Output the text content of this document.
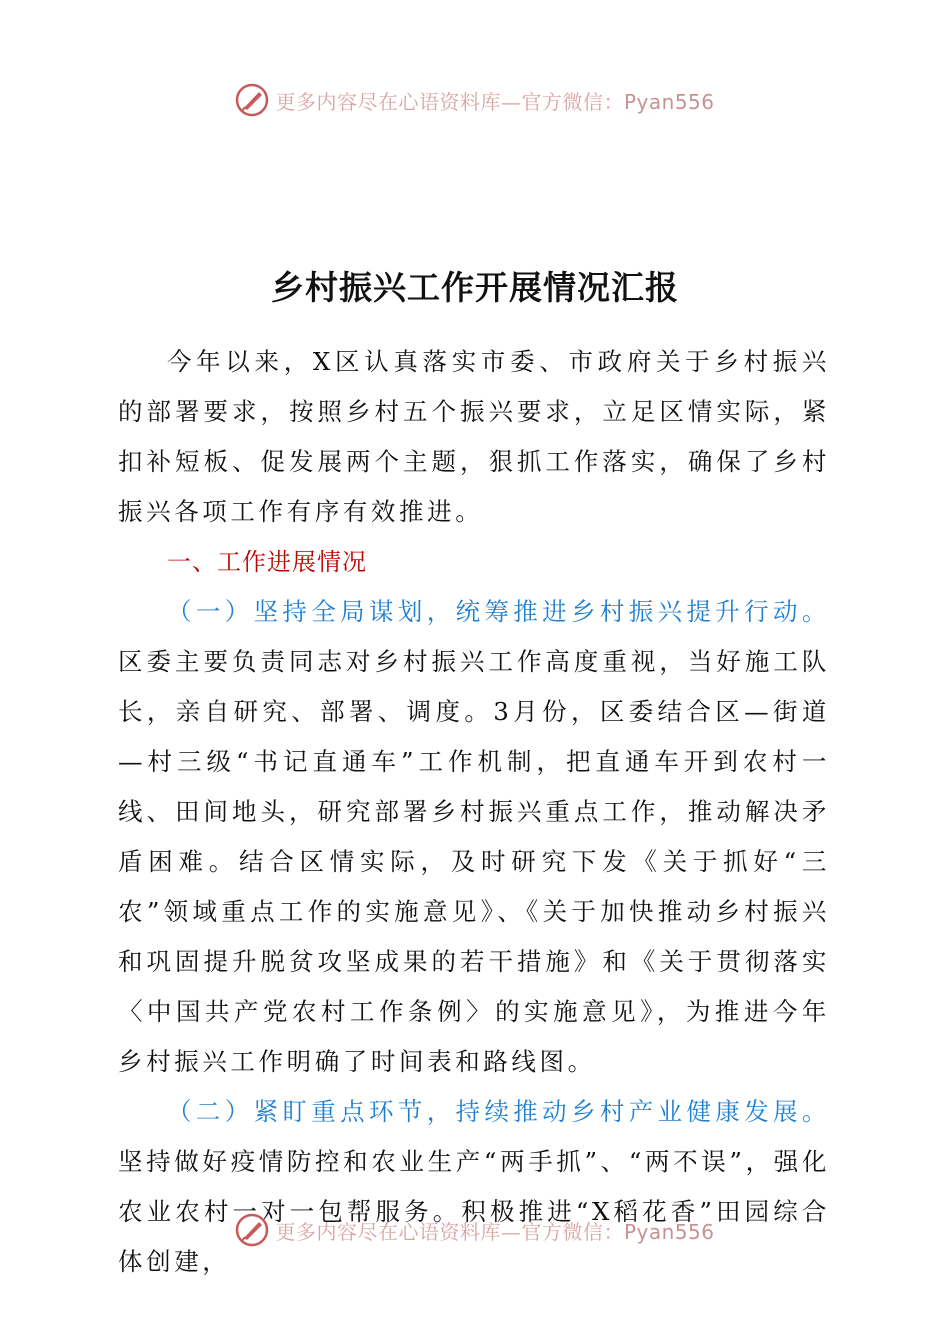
更多内容尽在心语资料库—官方微信：Pyan556
乡村振兴工作开展情况汇报

今年以来，X区认真落实市委、市政府关于乡村振兴的部署要求，按照乡村五个振兴要求，立足区情实际，紧扣补短板、促发展两个主题，狠抓工作落实，确保了乡村振兴各项工作有序有效推进。

一、工作进展情况

（一）坚持全局谋划，统筹推进乡村振兴提升行动。区委主要负责同志对乡村振兴工作高度重视，当好施工队长，亲自研究、部署、调度。3月份，区委结合区—街道—村三级“书记直通车”工作机制，把直通车开到农村一线、田间地头，研究部署乡村振兴重点工作，推动解决矛盾困难。结合区情实际，及时研究下发《关于抓好“三农”领域重点工作的实施意见》、《关于加快推动乡村振兴和巩固提升脱贫攻坚成果的若干措施》和《关于贯彻落实〈中国共产党农村工作条例〉的实施意见》，为推进今年乡村振兴工作明确了时间表和路线图。

（二）紧盯重点环节，持续推动乡村产业健康发展。坚持做好疫情防控和农业生产“两手抓”、“两不误”，强化农业农村一对一包帮服务。积极推进“X稻花香”田园综合体创建，

更多内容尽在心语资料库—官方微信：Pyan556
